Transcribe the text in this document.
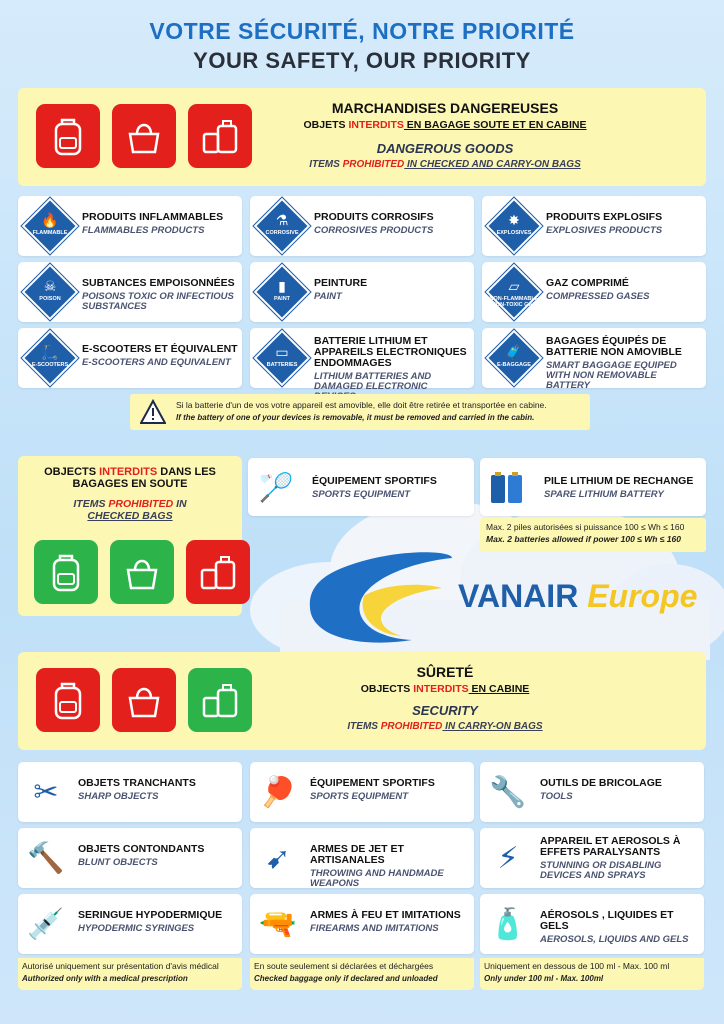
VOTRE SÉCURITÉ, NOTRE PRIORITÉ
YOUR SAFETY, OUR PRIORITY
MARCHANDISES DANGEREUSES
OBJETS INTERDITS EN BAGAGE SOUTE ET EN CABINE
DANGEROUS GOODS
ITEMS PROHIBITED IN CHECKED AND CARRY-ON BAGS
🔥
FLAMMABLE
PRODUITS INFLAMMABLES
FLAMMABLES PRODUCTS
⚗
CORROSIVE
PRODUITS CORROSIFS
CORROSIVES PRODUCTS
✸
EXPLOSIVES
PRODUITS EXPLOSIFS
EXPLOSIVES PRODUCTS
☠
POISON
SUBTANCES EMPOISONNÉES
POISONS TOXIC OR INFECTIOUS SUBSTANCES
▮
PAINT
PEINTURE
PAINT
▱
NON-FLAMMABLE NON-TOXIC GAS
GAZ COMPRIMÉ
COMPRESSED GASES
🛴
E-SCOOTERS
E-SCOOTERS ET ÉQUIVALENT
E-SCOOTERS AND EQUIVALENT
▭
BATTERIES
BATTERIE LITHIUM ET APPAREILS ELECTRONIQUES ENDOMMAGES
LITHIUM BATTERIES AND DAMAGED ELECTRONIC
🧳
E-BAGGAGE
BAGAGES ÉQUIPÉS DE BATTERIE NON AMOVIBLE
SMART BAGGAGE EQUIPED WITH NON REMOVABLE BATTERY
Si la batterie d'un de vos votre appareil est amovible, elle doit être retirée et transportée en cabine.
If the battery of one of your devices is removable, it must be removed and carried in the cabin.
VANAIR Europe
OBJECTS INTERDITS DANS LES BAGAGES EN SOUTE
ITEMS PROHIBITED IN
CHECKED BAGS
🏸	ÉQUIPEMENT SPORTIFS
SPORTS EQUIPMENT
PILE LITHIUM DE RECHANGE
SPARE LITHIUM BATTERY
Max. 2 piles autorisées si puissance 100 ≤ Wh ≤ 160
Max. 2 batteries allowed if power 100 ≤ Wh ≤ 160
SÛRETÉ
OBJECTS INTERDITS EN CABINE
SECURITY
ITEMS PROHIBITED IN CARRY-ON BAGS
✂	OBJETS TRANCHANTS
SHARP OBJECTS	🏓	ÉQUIPEMENT SPORTIFS
SPORTS EQUIPMENT	🔧	OUTILS DE BRICOLAGE
TOOLS
🔨	OBJETS CONTONDANTS
BLUNT OBJECTS	➹	ARMES DE JET ET ARTISANALES
THROWING AND HANDMADE WEAPONS
⚡
APPAREIL ET AEROSOLS À EFFETS PARALYSANTS
STUNNING OR DISABLING DEVICES AND SPRAYS
💉	SERINGUE HYPODERMIQUE
HYPODERMIC SYRINGES	🔫	ARMES À FEU ET IMITATIONS
FIREARMS AND IMITATIONS	🧴	AÉROSOLS , LIQUIDES ET GELS
AEROSOLS, LIQUIDS AND GELS
Autorisé uniquement sur présentation d'avis médical
Authorized only with a medical prescription
En soute seulement si déclarées et déchargées
Checked baggage only if declared and unloaded
Uniquement en dessous de 100 ml - Max. 100 ml
Only under 100 ml - Max. 100ml
